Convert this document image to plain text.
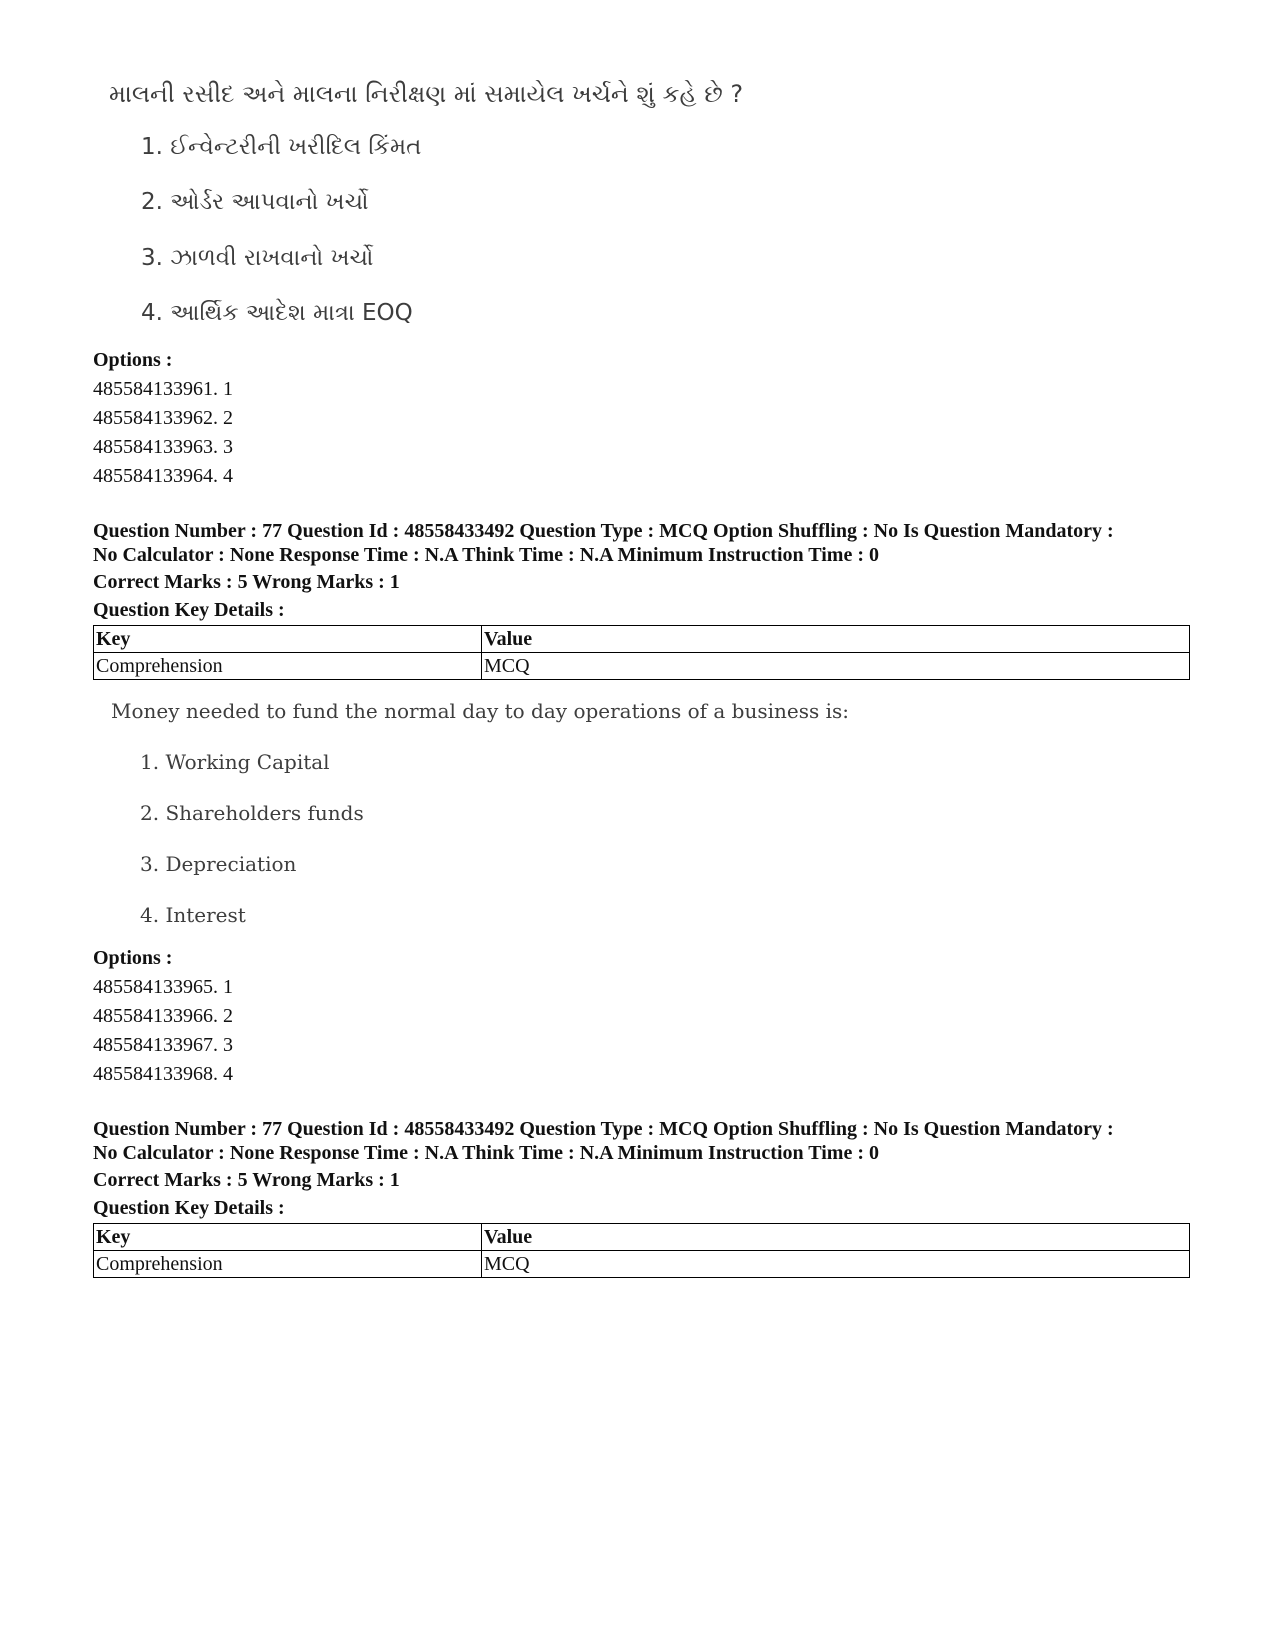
માલની રસીદ અને માલના નિરીક્ષણ માં સમાયેલ ખર્ચને શું કહે છે ?

1. ઈન્વેન્ટરીની ખરીદિલ કિંમત

2. ઓર્ડર આપવાનો ખર્ચો

3. ઝાળવી રાખવાનો ખર્ચો

4. આર્થિક આદેશ માત્રા EOQ

Options :
485584133961. 1
485584133962. 2
485584133963. 3
485584133964. 4
Question Number : 77 Question Id : 48558433492 Question Type : MCQ Option Shuffling : No Is Question Mandatory :
No Calculator : None Response Time : N.A Think Time : N.A Minimum Instruction Time : 0
Correct Marks : 5 Wrong Marks : 1
Question Key Details :
Key	Value
Comprehension	MCQ

Money needed to fund the normal day to day operations of a business is:

1. Working Capital

2. Shareholders funds

3. Depreciation

4. Interest

Options :
485584133965. 1
485584133966. 2
485584133967. 3
485584133968. 4
Question Number : 77 Question Id : 48558433492 Question Type : MCQ Option Shuffling : No Is Question Mandatory :
No Calculator : None Response Time : N.A Think Time : N.A Minimum Instruction Time : 0
Correct Marks : 5 Wrong Marks : 1
Question Key Details :
Key	Value
Comprehension	MCQ
